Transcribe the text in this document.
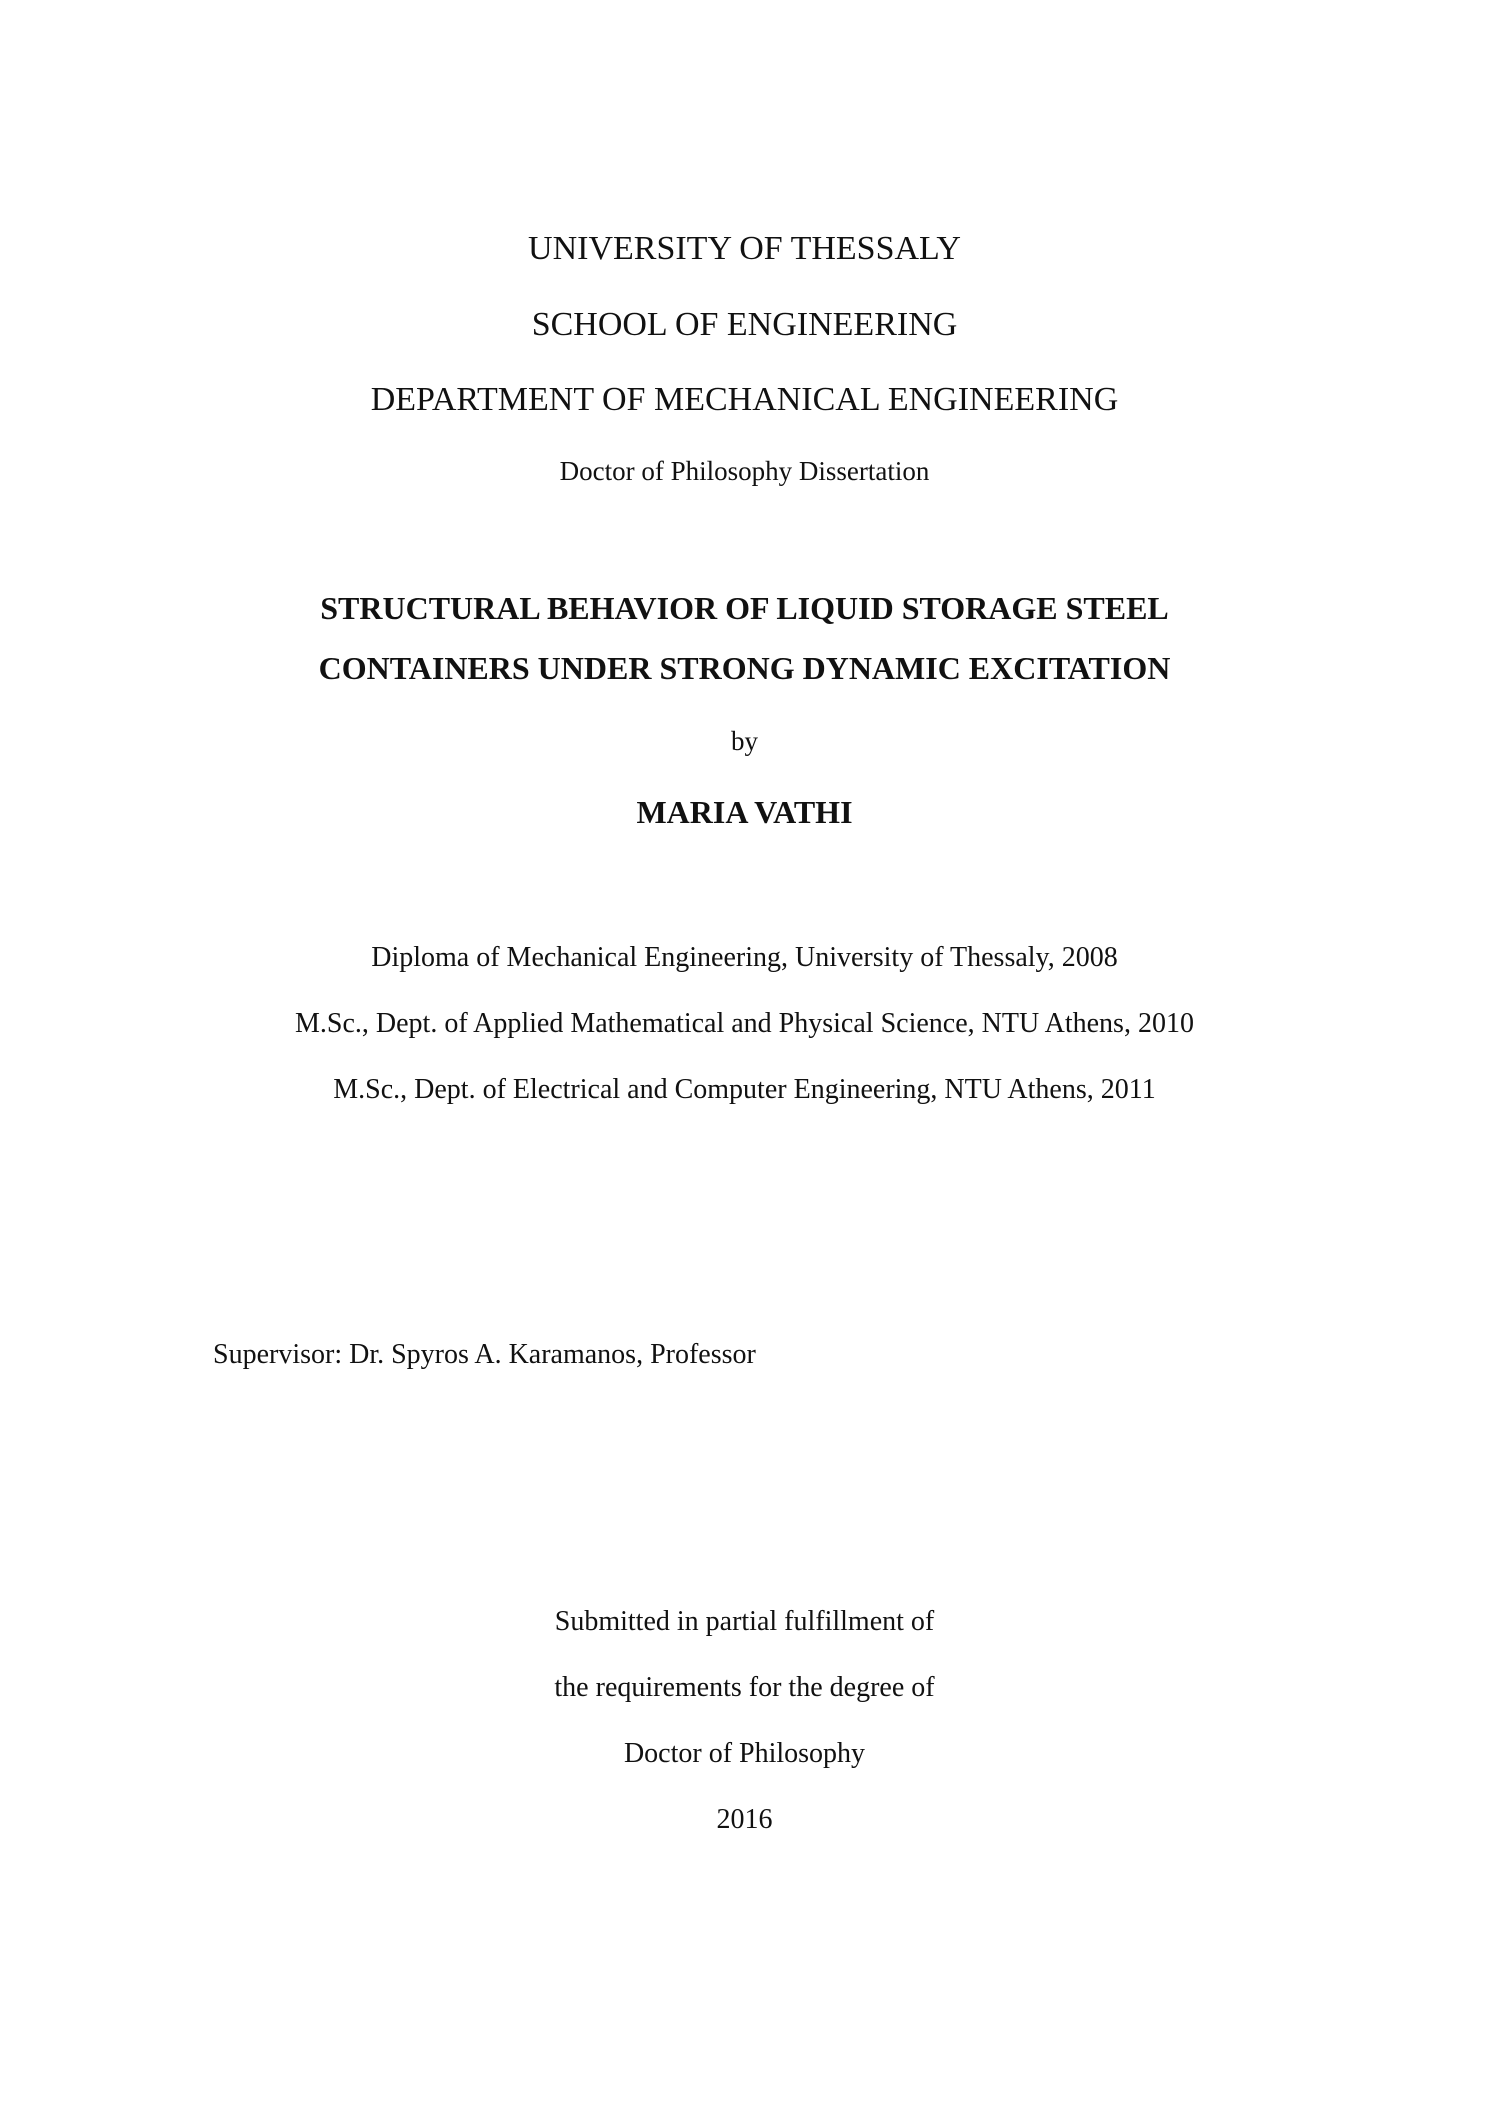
UNIVERSITY OF THESSALY
SCHOOL OF ENGINEERING
DEPARTMENT OF MECHANICAL ENGINEERING
Doctor of Philosophy Dissertation
STRUCTURAL BEHAVIOR OF LIQUID STORAGE STEEL
CONTAINERS UNDER STRONG DYNAMIC EXCITATION
by
MARIA VATHI
Diploma of Mechanical Engineering, University of Thessaly, 2008
M.Sc., Dept. of Applied Mathematical and Physical Science, NTU Athens, 2010
M.Sc., Dept. of Electrical and Computer Engineering, NTU Athens, 2011
Supervisor: Dr. Spyros A. Karamanos, Professor
Submitted in partial fulfillment of
the requirements for the degree of
Doctor of Philosophy
2016
